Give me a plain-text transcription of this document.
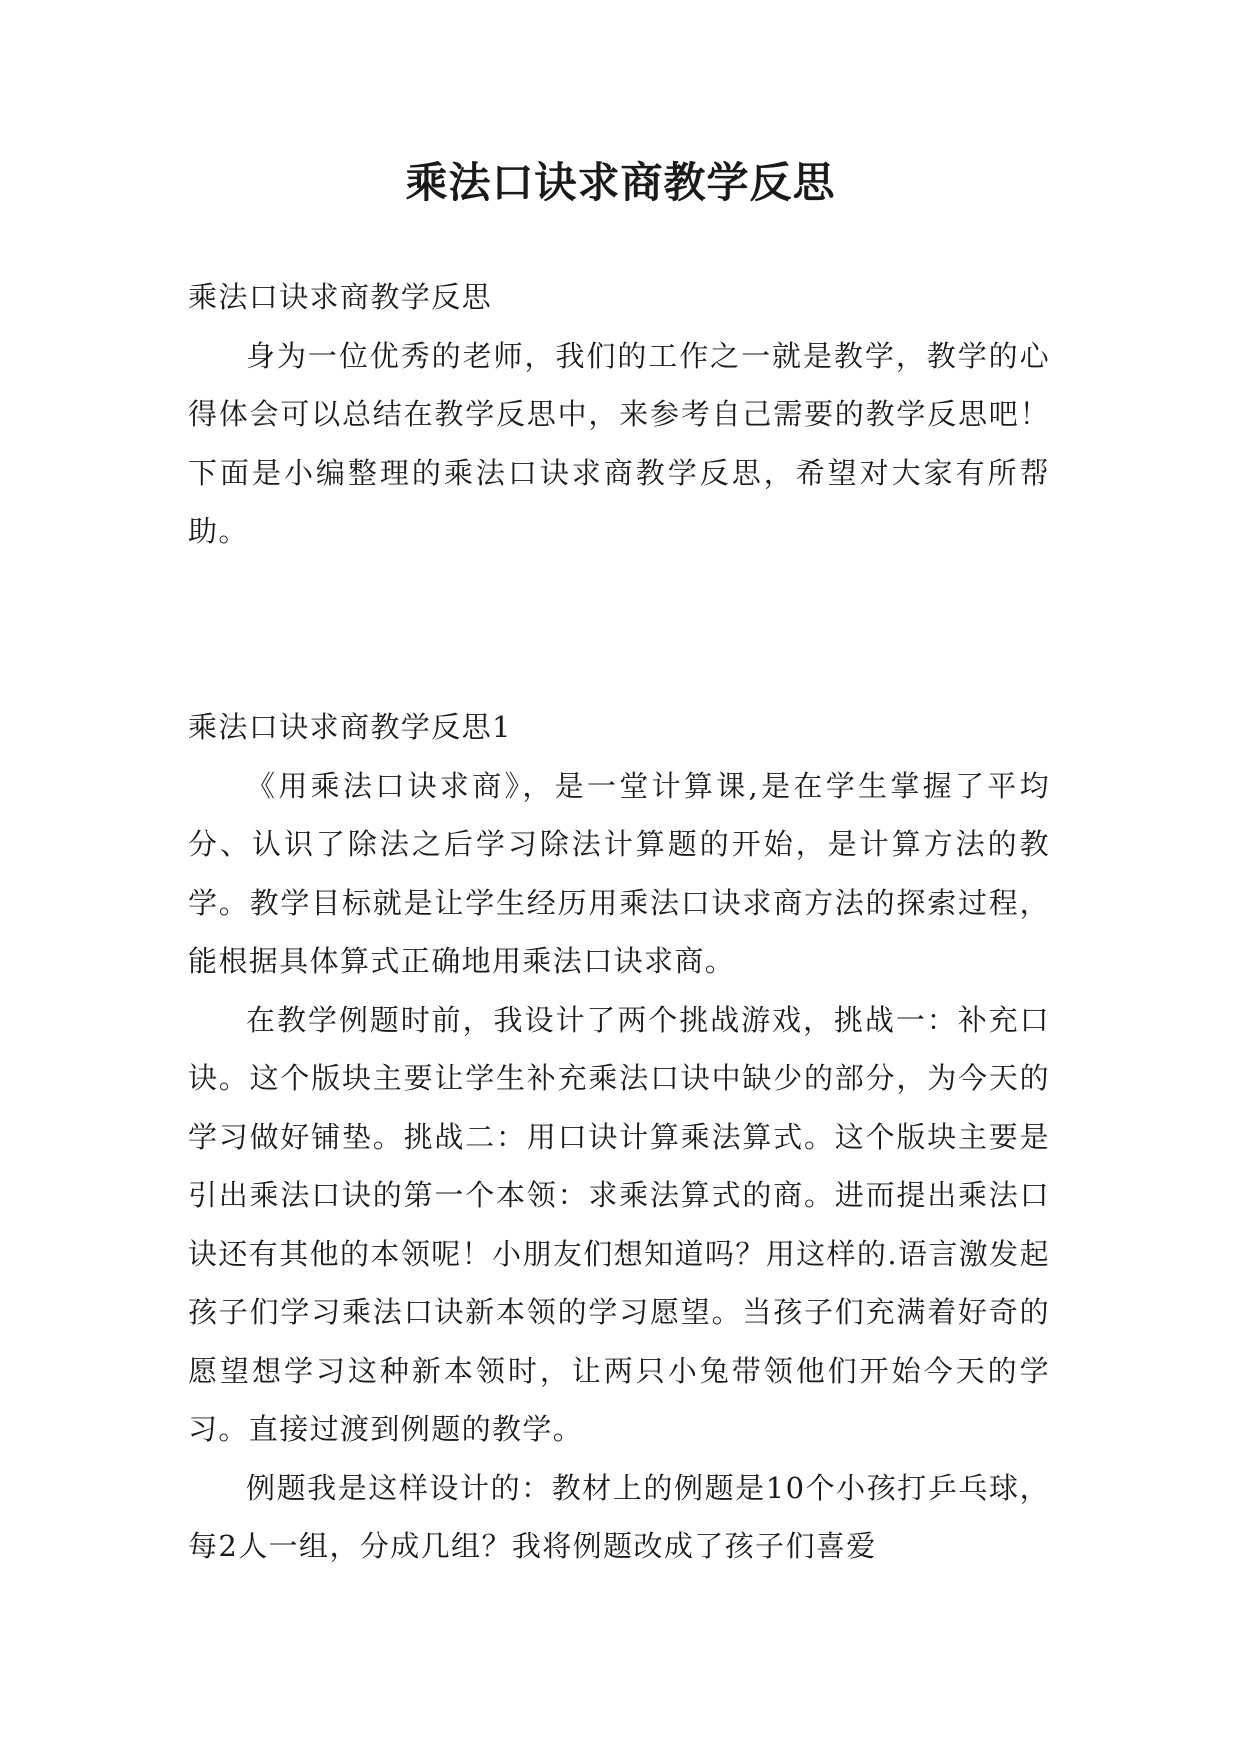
乘法口诀求商教学反思

乘法口诀求商教学反思

身为一位优秀的老师，我们的工作之一就是教学，教学的心得体会可以总结在教学反思中，来参考自己需要的教学反思吧！下面是小编整理的乘法口诀求商教学反思，希望对大家有所帮助。

乘法口诀求商教学反思1

《用乘法口诀求商》，是一堂计算课,是在学生掌握了平均分、认识了除法之后学习除法计算题的开始，是计算方法的教学。教学目标就是让学生经历用乘法口诀求商方法的探索过程，能根据具体算式正确地用乘法口诀求商。

在教学例题时前，我设计了两个挑战游戏，挑战一：补充口诀。这个版块主要让学生补充乘法口诀中缺少的部分，为今天的学习做好铺垫。挑战二：用口诀计算乘法算式。这个版块主要是引出乘法口诀的第一个本领：求乘法算式的商。进而提出乘法口诀还有其他的本领呢！小朋友们想知道吗？用这样的.语言激发起孩子们学习乘法口诀新本领的学习愿望。当孩子们充满着好奇的愿望想学习这种新本领时，让两只小兔带领他们开始今天的学习。直接过渡到例题的教学。

例题我是这样设计的：教材上的例题是10个小孩打乒乓球，每2人一组，分成几组？我将例题改成了孩子们喜爱
